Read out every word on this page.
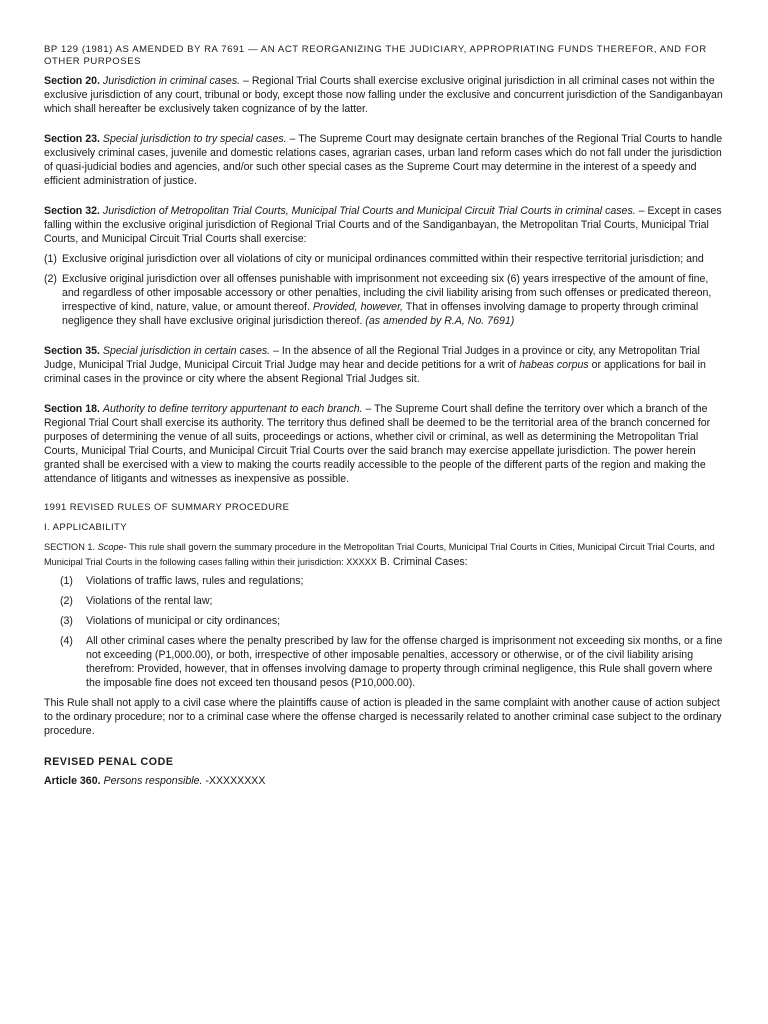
BP 129 (1981) AS AMENDED BY RA 7691 — AN ACT REORGANIZING THE JUDICIARY, APPROPRIATING FUNDS THEREFOR, AND FOR OTHER PURPOSES

Section 20. Jurisdiction in criminal cases. – Regional Trial Courts shall exercise exclusive original jurisdiction in all criminal cases not within the exclusive jurisdiction of any court, tribunal or body, except those now falling under the exclusive and concurrent jurisdiction of the Sandiganbayan which shall hereafter be exclusively taken cognizance of by the latter.

Section 23. Special jurisdiction to try special cases. – The Supreme Court may designate certain branches of the Regional Trial Courts to handle exclusively criminal cases, juvenile and domestic relations cases, agrarian cases, urban land reform cases which do not fall under the jurisdiction of quasi-judicial bodies and agencies, and/or such other special cases as the Supreme Court may determine in the interest of a speedy and efficient administration of justice.

Section 32. Jurisdiction of Metropolitan Trial Courts, Municipal Trial Courts and Municipal Circuit Trial Courts in criminal cases. – Except in cases falling within the exclusive original jurisdiction of Regional Trial Courts and of the Sandiganbayan, the Metropolitan Trial Courts, Municipal Trial Courts, and Municipal Circuit Trial Courts shall exercise:

(1) Exclusive original jurisdiction over all violations of city or municipal ordinances committed within their respective territorial jurisdiction; and
(2) Exclusive original jurisdiction over all offenses punishable with imprisonment not exceeding six (6) years irrespective of the amount of fine, and regardless of other imposable accessory or other penalties, including the civil liability arising from such offenses or predicated thereon, irrespective of kind, nature, value, or amount thereof. Provided, however, That in offenses involving damage to property through criminal negligence they shall have exclusive original jurisdiction thereof. (as amended by R.A, No. 7691)

Section 35. Special jurisdiction in certain cases. – In the absence of all the Regional Trial Judges in a province or city, any Metropolitan Trial Judge, Municipal Trial Judge, Municipal Circuit Trial Judge may hear and decide petitions for a writ of habeas corpus or applications for bail in criminal cases in the province or city where the absent Regional Trial Judges sit.

Section 18. Authority to define territory appurtenant to each branch. – The Supreme Court shall define the territory over which a branch of the Regional Trial Court shall exercise its authority. The territory thus defined shall be deemed to be the territorial area of the branch concerned for purposes of determining the venue of all suits, proceedings or actions, whether civil or criminal, as well as determining the Metropolitan Trial Courts, Municipal Trial Courts, and Municipal Circuit Trial Courts over the said branch may exercise appellate jurisdiction. The power herein granted shall be exercised with a view to making the courts readily accessible to the people of the different parts of the region and making the attendance of litigants and witnesses as inexpensive as possible.

1991 REVISED RULES OF SUMMARY PROCEDURE
I. APPLICABILITY

SECTION 1. Scope- This rule shall govern the summary procedure in the Metropolitan Trial Courts, Municipal Trial Courts in Cities, Municipal Circuit Trial Courts, and Municipal Trial Courts in the following cases falling within their jurisdiction: XXXXX B. Criminal Cases:

(1)	Violations of traffic laws, rules and regulations;
(2)	Violations of the rental law;
(3)	Violations of municipal or city ordinances;
(4)	All other criminal cases where the penalty prescribed by law for the offense charged is imprisonment not exceeding six months, or a fine not exceeding (P1,000.00), or both, irrespective of other imposable penalties, accessory or otherwise, or of the civil liability arising therefrom: Provided, however, that in offenses involving damage to property through criminal negligence, this Rule shall govern where the imposable fine does not exceed ten thousand pesos (P10,000.00).

This Rule shall not apply to a civil case where the plaintiffs cause of action is pleaded in the same complaint with another cause of action subject to the ordinary procedure; nor to a criminal case where the offense charged is necessarily related to another criminal case subject to the ordinary procedure.

REVISED PENAL CODE

Article 360. Persons responsible. -XXXXXXXX
